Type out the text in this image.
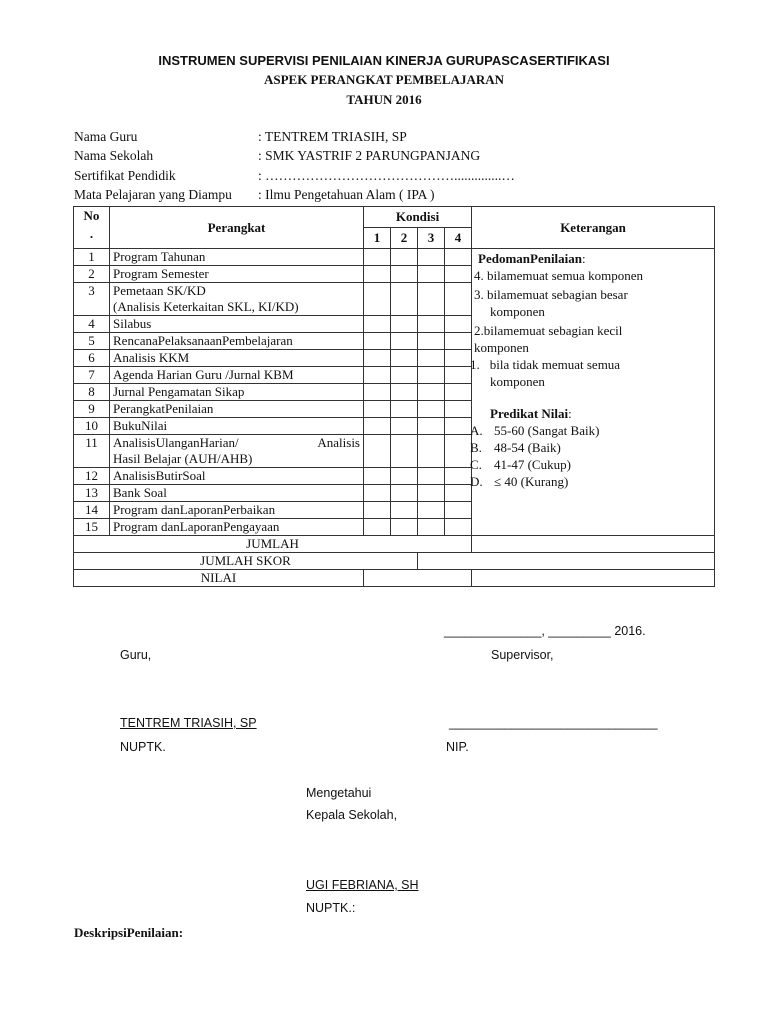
INSTRUMEN SUPERVISI PENILAIAN KINERJA GURUPASCASERTIFIKASI
ASPEK PERANGKAT PEMBELAJARAN
TAHUN 2016
Nama Guru	: TENTREM TRIASIH, SP
Nama Sekolah	: SMK YASTRIF 2 PARUNGPANJANG
Sertifikat Pendidik	: ……………………………………..............…
Mata Pelajaran yang Diampu : Ilmu Pengetahuan Alam ( IPA )
No
.	Perangkat	Kondisi				Keterangan
		1	2	3	4	
1	Program Tahunan					
2	Program Semester					
3	Pemetaan SK/KD
(Analisis Keterkaitan SKL, KI/KD)					

4	Silabus					
5	RencanaPelaksanaanPembelajaran					
6	Analisis KKM					
7	Agenda Harian Guru /Jurnal KBM					
8	Jurnal Pengamatan Sikap					
9	PerangkatPenilaian					
10	BukuNilai					
11	AnalisisUlanganHarian/ Analisis
Hasil Belajar (AUH/AHB)					

12	AnalisisButirSoal					
13	Bank Soal					
14	Program danLaporanPerbaikan					
15	Program danLaporanPengayaan					
JUMLAH						
JUMLAH SKOR						
NILAI						
PedomanPenilaian:
4. bilamemuat semua komponen
3. bilamemuat sebagian besar
komponen
2.bilamemuat sebagian kecil
komponen
1. bila tidak memuat semua
komponen
Predikat Nilai:
A. 55-60 (Sangat Baik)
B. 48-54 (Baik)
C. 41-47 (Cukup)
D. ≤ 40 (Kurang)
______________, _________ 2016.
Guru,	Supervisor,
TENTREM TRIASIH, SP	______________________________
NUPTK.	NIP.
Mengetahui
Kepala Sekolah,
UGI FEBRIANA, SH
NUPTK.:
DeskripsiPenilaian:
